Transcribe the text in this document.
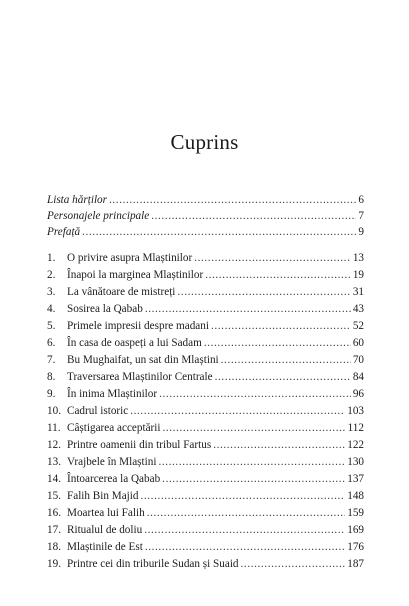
Cuprins
Lista hărților .....	6
Personajele principale .....	7
Prefață .....	9
1.	O privire asupra Mlaștinilor .....	13
2.	Înapoi la marginea Mlaștinilor .....	19
3.	La vânătoare de mistreți .....	31
4.	Sosirea la Qabab .....	43
5.	Primele impresii despre madani .....	52
6.	În casa de oaspeți a lui Sadam .....	60
7.	Bu Mughaifat, un sat din Mlaștini .....	70
8.	Traversarea Mlaștinilor Centrale .....	84
9.	În inima Mlaștinilor .....	96
10. Cadrul istoric .....	103
11. Câștigarea acceptării .....	112
12. Printre oamenii din tribul Fartus .....	122
13. Vrajbele în Mlaștini .....	130
14. Întoarcerea la Qabab .....	137
15. Falih Bin Majid .....	148
16. Moartea lui Falih .....	159
17. Ritualul de doliu .....	169
18. Mlaștinile de Est .....	176
19. Printre cei din triburile Sudan și Suaid .....	187
